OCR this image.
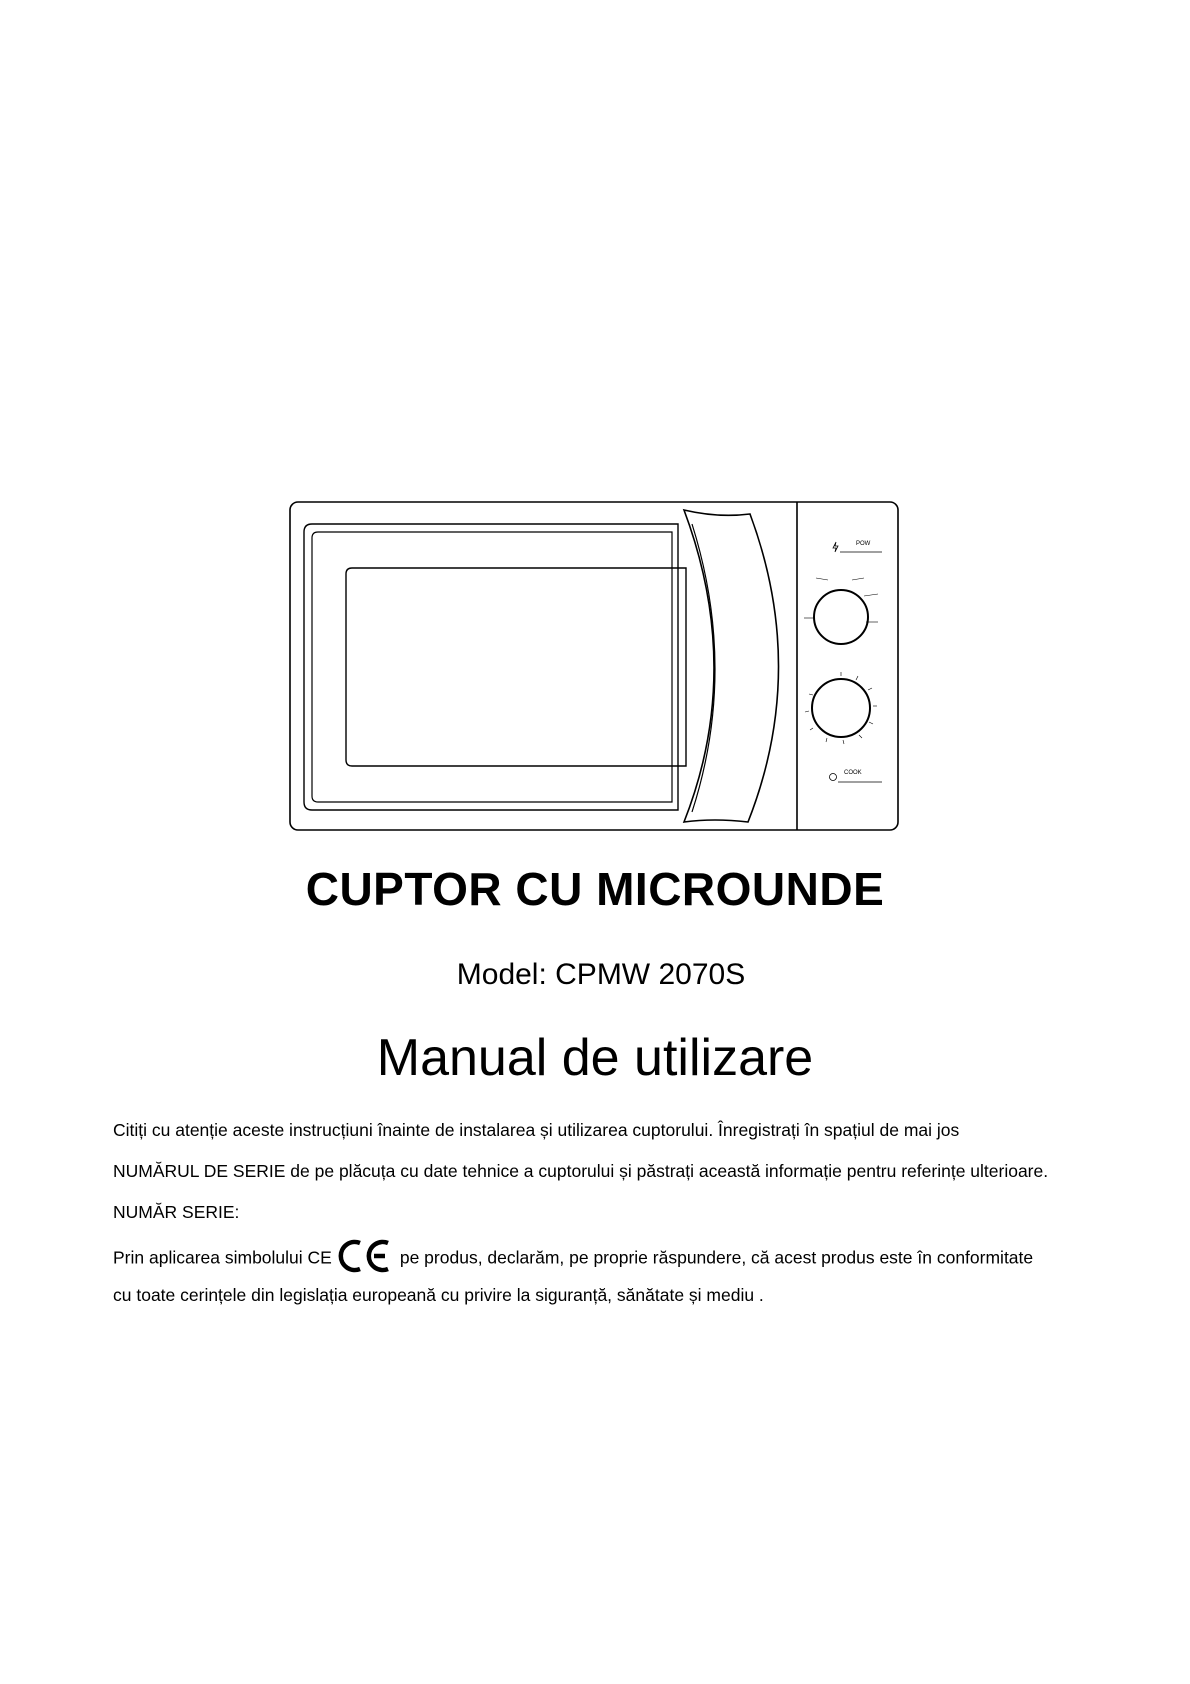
POW
COOK
CUPTOR CU MICROUNDE
Model: CPMW 2070S
Manual de utilizare
Citiți cu atenție aceste instrucțiuni înainte de instalarea și utilizarea cuptorului. Înregistrați în spațiul de mai jos
NUMĂRUL DE SERIE de pe plăcuța cu date tehnice a cuptorului și păstrați această informație pentru referințe ulterioare.
NUMĂR SERIE:
Prin aplicarea simbolului CE	pe produs, declarăm, pe proprie răspundere, că acest produs este în conformitate
cu toate cerințele din legislația europeană cu privire la siguranță, sănătate și mediu .
